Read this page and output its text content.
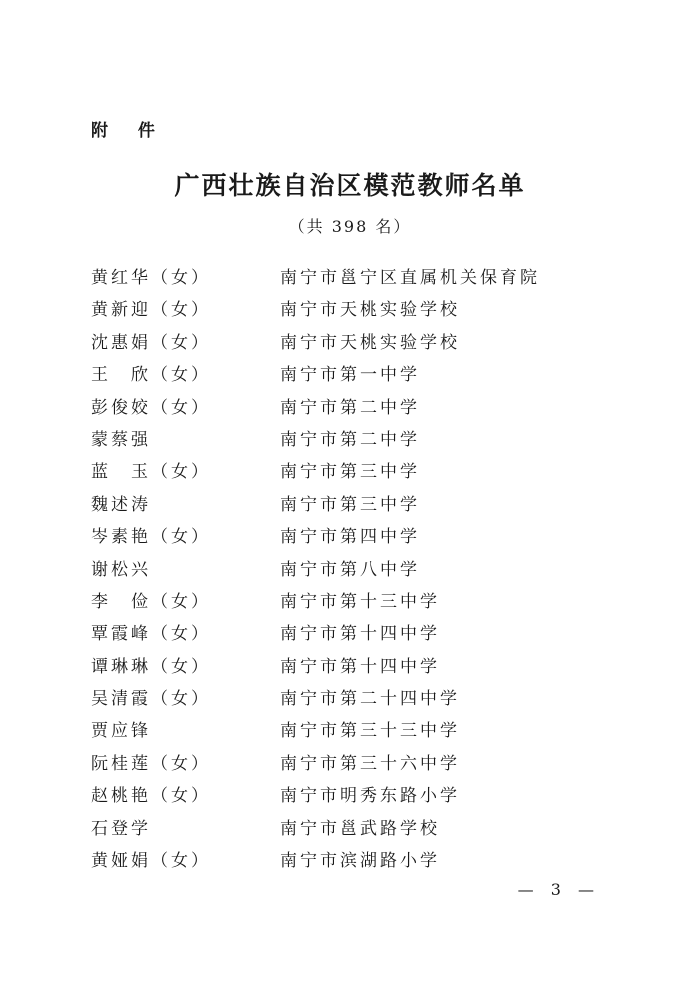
附 件
广西壮族自治区模范教师名单
（共 398 名）
黄红华（女）	南宁市邕宁区直属机关保育院
黄新迎（女）	南宁市天桃实验学校
沈惠娟（女）	南宁市天桃实验学校
王　欣（女）	南宁市第一中学
彭俊姣（女）	南宁市第二中学
蒙蔡强	南宁市第二中学
蓝　玉（女）	南宁市第三中学
魏述涛	南宁市第三中学
岑素艳（女）	南宁市第四中学
谢松兴	南宁市第八中学
李　俭（女）	南宁市第十三中学
覃霞峰（女）	南宁市第十四中学
谭琳琳（女）	南宁市第十四中学
吴清霞（女）	南宁市第二十四中学
贾应锋	南宁市第三十三中学
阮桂莲（女）	南宁市第三十六中学
赵桃艳（女）	南宁市明秀东路小学
石登学	南宁市邕武路学校
黄娅娟（女）	南宁市滨湖路小学
— 3 —
